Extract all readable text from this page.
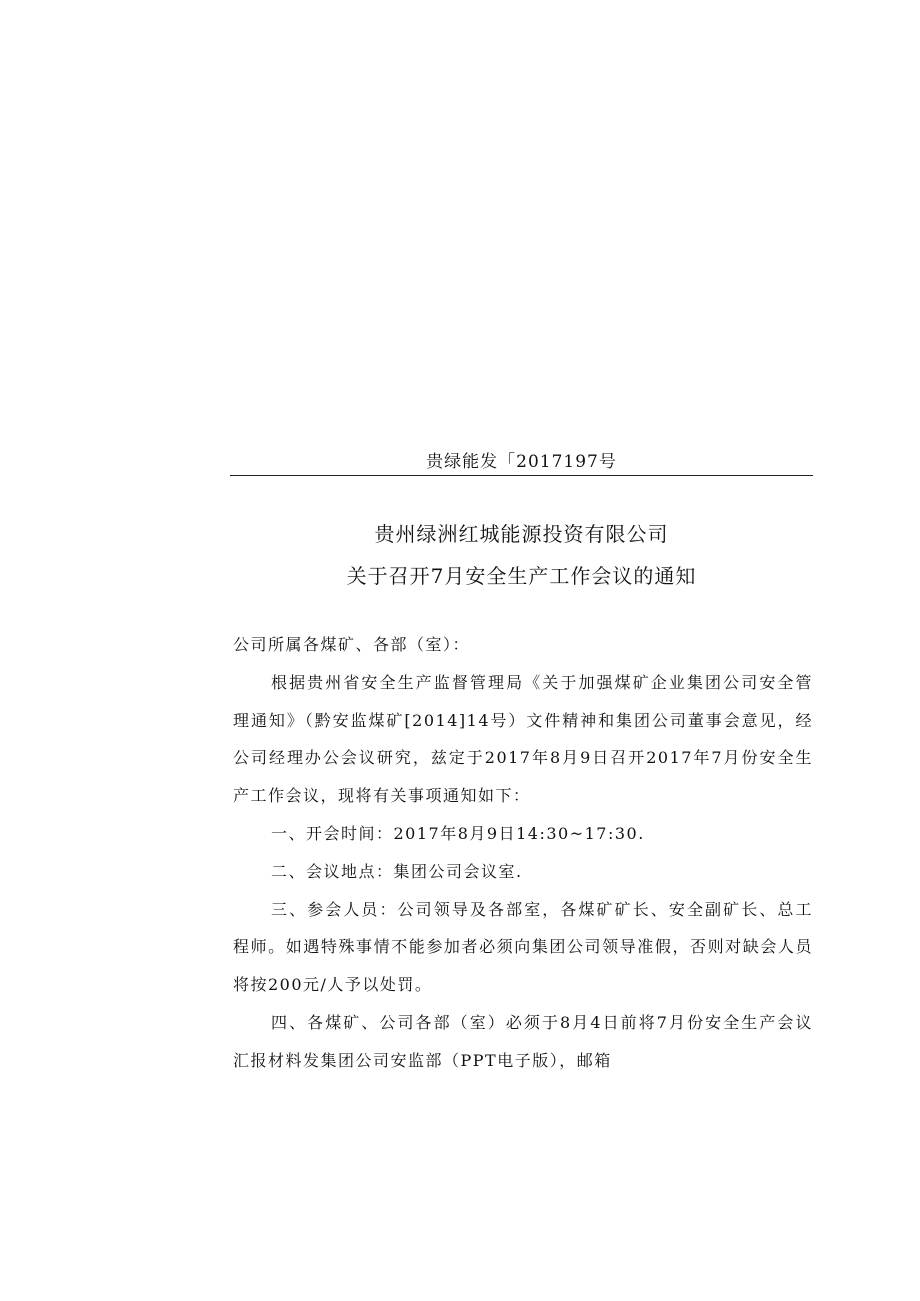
贵绿能发「2017197号
贵州绿洲红城能源投资有限公司
关于召开7月安全生产工作会议的通知

公司所属各煤矿、各部（室）：

根据贵州省安全生产监督管理局《关于加强煤矿企业集团公司安全管理通知》（黔安监煤矿[2014]14号）文件精神和集团公司董事会意见，经公司经理办公会议研究，兹定于2017年8月9日召开2017年7月份安全生产工作会议，现将有关事项通知如下：

一、开会时间：2017年8月9日14:30~17:30.

二、会议地点：集团公司会议室.

三、参会人员：公司领导及各部室，各煤矿矿长、安全副矿长、总工程师。如遇特殊事情不能参加者必须向集团公司领导准假，否则对缺会人员将按200元/人予以处罚。

四、各煤矿、公司各部（室）必须于8月4日前将7月份安全生产会议汇报材料发集团公司安监部（PPT电子版），邮箱
